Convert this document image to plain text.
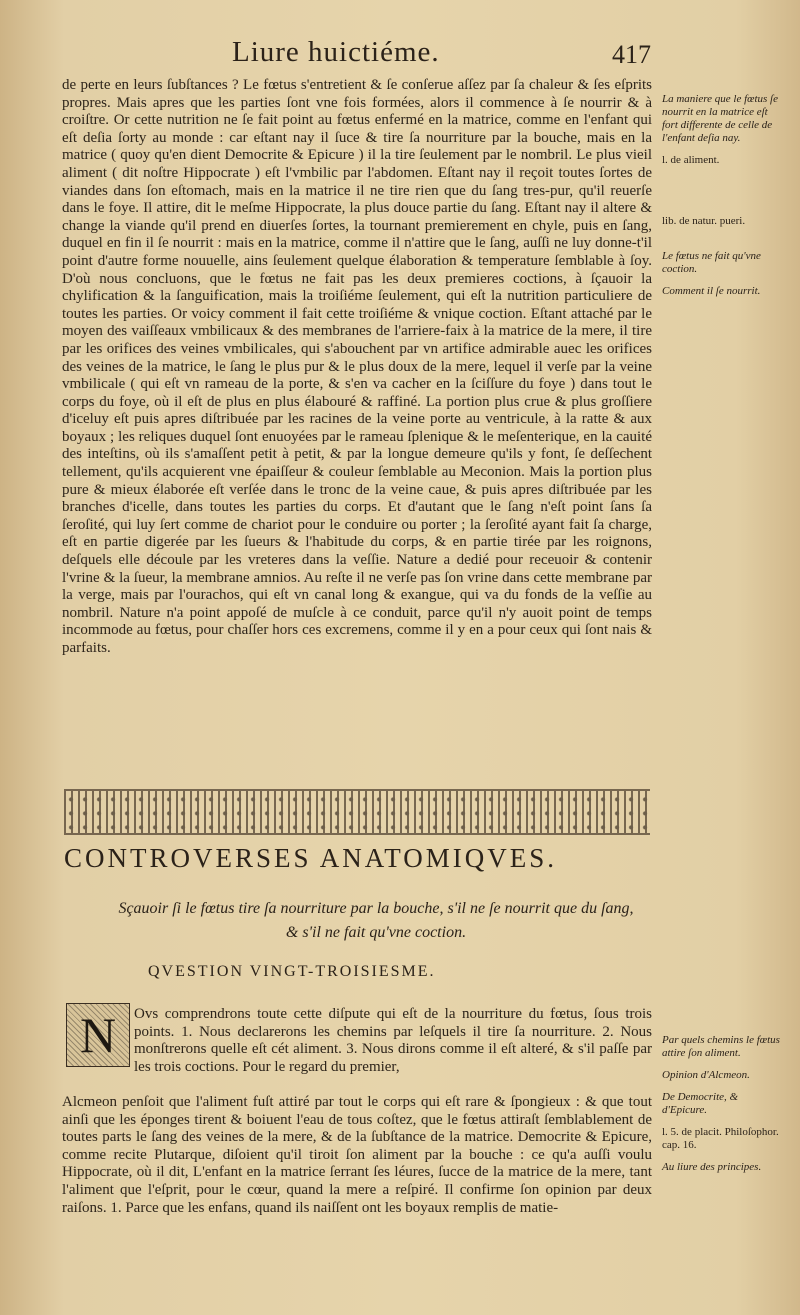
Liure huictiéme.	417

de perte en leurs ſubſtances ? Le fœtus s'entretient & ſe conſerue aſſez par ſa chaleur & ſes eſprits propres. Mais apres que les parties ſont vne fois formées, alors il commence à ſe nourrir & à croiſtre. Or cette nutrition ne ſe fait point au fœtus enfermé en la matrice, comme en l'enfant qui eſt deſia ſorty au monde : car eſtant nay il ſuce & tire ſa nourriture par la bouche, mais en la matrice ( quoy qu'en dient Democrite & Epicure ) il la tire ſeulement par le nombril. Le plus vieil aliment ( dit noſtre Hippocrate ) eſt l'vmbilic par l'abdomen. Eſtant nay il reçoit toutes ſortes de viandes dans ſon eſtomach, mais en la matrice il ne tire rien que du ſang tres-pur, qu'il reuerſe dans le foye. Il attire, dit le meſme Hippocrate, la plus douce partie du ſang. Eſtant nay il altere & change la viande qu'il prend en diuerſes ſortes, la tournant premierement en chyle, puis en ſang, duquel en fin il ſe nourrit : mais en la matrice, comme il n'attire que le ſang, auſſi ne luy donne-t'il point d'autre forme nouuelle, ains ſeulement quelque élaboration & temperature ſemblable à ſoy. D'où nous concluons, que le fœtus ne fait pas les deux premieres coctions, à ſçauoir la chylification & la ſanguification, mais la troiſiéme ſeulement, qui eſt la nutrition particuliere de toutes les parties. Or voicy comment il fait cette troiſiéme & vnique coction. Eſtant attaché par le moyen des vaiſſeaux vmbilicaux & des membranes de l'arriere-faix à la matrice de la mere, il tire par les orifices des veines vmbilicales, qui s'abouchent par vn artifice admirable auec les orifices des veines de la matrice, le ſang le plus pur & le plus doux de la mere, lequel il verſe par la veine vmbilicale ( qui eſt vn rameau de la porte, & s'en va cacher en la ſciſſure du foye ) dans tout le corps du foye, où il eſt de plus en plus élabouré & raffiné. La portion plus crue & plus groſſiere d'iceluy eſt puis apres diſtribuée par les racines de la veine porte au ventricule, à la ratte & aux boyaux ; les reliques duquel ſont enuoyées par le rameau ſplenique & le meſenterique, en la cauité des inteſtins, où ils s'amaſſent petit à petit, & par la longue demeure qu'ils y font, ſe deſſechent tellement, qu'ils acquierent vne épaiſſeur & couleur ſemblable au Meconion. Mais la portion plus pure & mieux élaborée eſt verſée dans le tronc de la veine caue, & puis apres diſtribuée par les branches d'icelle, dans toutes les parties du corps. Et d'autant que le ſang n'eſt point ſans ſa ſeroſité, qui luy ſert comme de chariot pour le conduire ou porter ; la ſeroſité ayant fait ſa charge, eſt en partie digerée par les ſueurs & l'habitude du corps, & en partie tirée par les roignons, deſquels elle découle par les vreteres dans la veſſie. Nature a dedié pour receuoir & contenir l'vrine & la ſueur, la membrane amnios. Au reſte il ne verſe pas ſon vrine dans cette membrane par la verge, mais par l'ourachos, qui eſt vn canal long & exangue, qui va du fonds de la veſſie au nombril. Nature n'a point appoſé de muſcle à ce conduit, parce qu'il n'y auoit point de temps incommode au fœtus, pour chaſſer hors ces excremens, comme il y en a pour ceux qui ſont nais & parfaits.

La maniere que le fœtus ſe nourrit en la matrice eſt fort differente de celle de l'enfant deſia nay.

l. de aliment.

lib. de natur. pueri.

Le fœtus ne fait qu'vne coction.

Comment il ſe nourrit.

CONTROVERSES ANATOMIQVES.
Sçauoir ſi le fœtus tire ſa nourriture par la bouche, s'il ne ſe nourrit que du ſang,
& s'il ne fait qu'vne coction.
QVESTION VINGT-TROISIESME.
N	Ovs comprendrons toute cette diſpute qui eſt de la nourriture du fœtus, ſous trois points. 1. Nous declarerons les chemins par leſquels il tire ſa nourriture. 2. Nous monſtrerons quelle eſt cét aliment. 3. Nous dirons comme il eſt alteré, & s'il paſſe par les trois coctions. Pour le regard du premier,

Alcmeon penſoit que l'aliment fuſt attiré par tout le corps qui eſt rare & ſpongieux : & que tout ainſi que les éponges tirent & boiuent l'eau de tous coſtez, que le fœtus attiraſt ſemblablement de toutes parts le ſang des veines de la mere, & de la ſubſtance de la matrice. Democrite & Epicure, comme recite Plutarque, diſoient qu'il tiroit ſon aliment par la bouche : ce qu'a auſſi voulu Hippocrate, où il dit, L'enfant en la matrice ſerrant ſes léures, ſucce de la matrice de la mere, tant l'aliment que l'eſprit, pour le cœur, quand la mere a reſpiré. Il confirme ſon opinion par deux raiſons. 1. Parce que les enfans, quand ils naiſſent ont les boyaux remplis de matie-

Par quels chemins le fœtus attire ſon aliment.

Opinion d'Alcmeon.

De Democrite, & d'Epicure.

l. 5. de placit. Philoſophor. cap. 16.

Au liure des principes.
